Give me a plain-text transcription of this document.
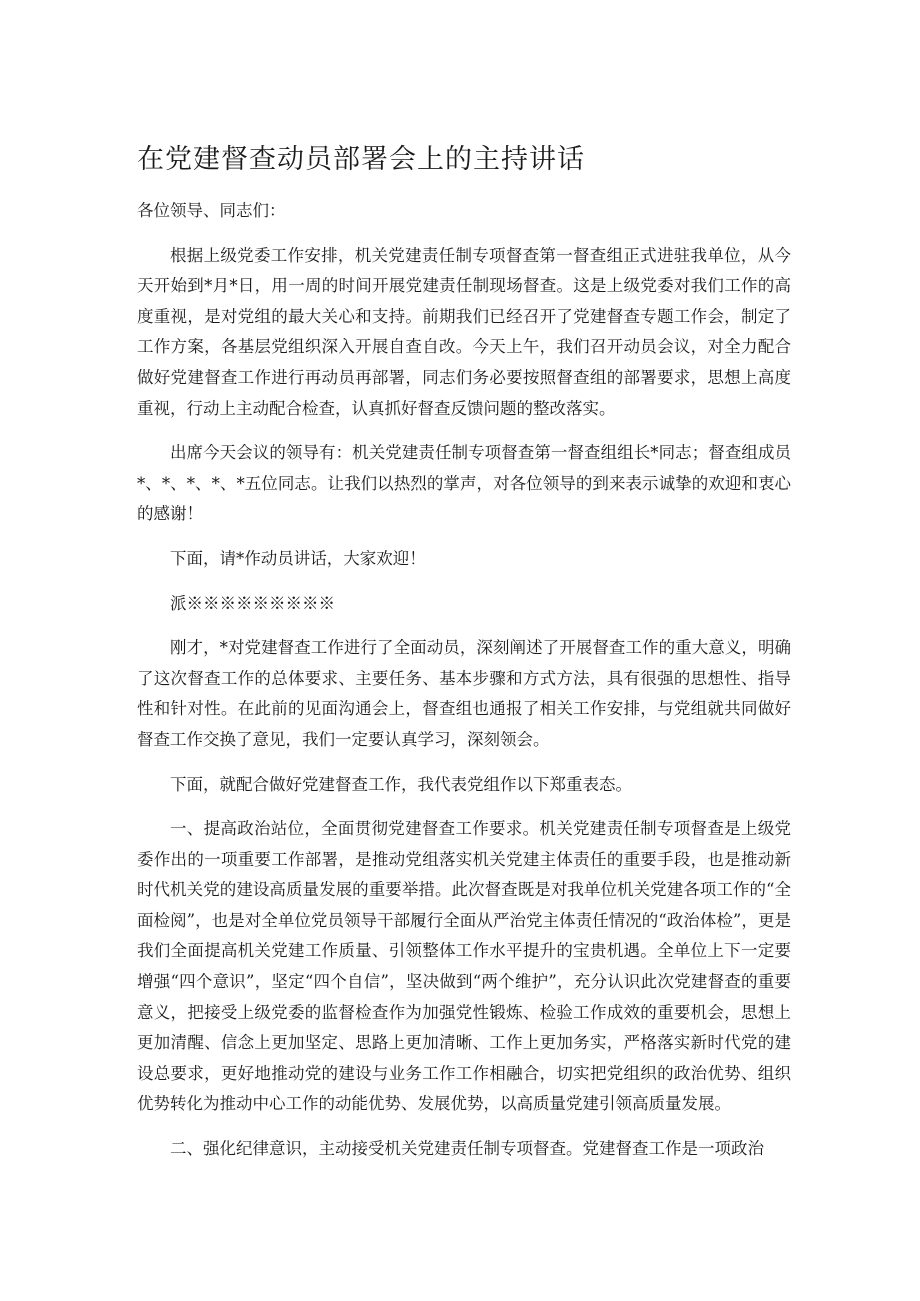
在党建督查动员部署会上的主持讲话

各位领导、同志们：

根据上级党委工作安排，机关党建责任制专项督查第一督查组正式进驻我单位，从今天开始到*月*日，用一周的时间开展党建责任制现场督查。这是上级党委对我们工作的高度重视，是对党组的最大关心和支持。前期我们已经召开了党建督查专题工作会，制定了工作方案，各基层党组织深入开展自查自改。今天上午，我们召开动员会议，对全力配合做好党建督查工作进行再动员再部署，同志们务必要按照督查组的部署要求，思想上高度重视，行动上主动配合检查，认真抓好督查反馈问题的整改落实。

出席今天会议的领导有：机关党建责任制专项督查第一督查组组长*同志；督查组成员*、*、*、*、*五位同志。让我们以热烈的掌声，对各位领导的到来表示诚挚的欢迎和衷心的感谢！

下面，请*作动员讲话，大家欢迎！

派※※※※※※※※※

刚才，*对党建督查工作进行了全面动员，深刻阐述了开展督查工作的重大意义，明确了这次督查工作的总体要求、主要任务、基本步骤和方式方法，具有很强的思想性、指导性和针对性。在此前的见面沟通会上，督查组也通报了相关工作安排，与党组就共同做好督查工作交换了意见，我们一定要认真学习，深刻领会。

下面，就配合做好党建督查工作，我代表党组作以下郑重表态。

一、提高政治站位，全面贯彻党建督查工作要求。机关党建责任制专项督查是上级党委作出的一项重要工作部署，是推动党组落实机关党建主体责任的重要手段，也是推动新时代机关党的建设高质量发展的重要举措。此次督查既是对我单位机关党建各项工作的“全面检阅”，也是对全单位党员领导干部履行全面从严治党主体责任情况的“政治体检”，更是我们全面提高机关党建工作质量、引领整体工作水平提升的宝贵机遇。全单位上下一定要增强“四个意识”，坚定“四个自信”，坚决做到“两个维护”，充分认识此次党建督查的重要意义，把接受上级党委的监督检查作为加强党性锻炼、检验工作成效的重要机会，思想上更加清醒、信念上更加坚定、思路上更加清晰、工作上更加务实，严格落实新时代党的建设总要求，更好地推动党的建设与业务工作工作相融合，切实把党组织的政治优势、组织优势转化为推动中心工作的动能优势、发展优势，以高质量党建引领高质量发展。

二、强化纪律意识，主动接受机关党建责任制专项督查。党建督查工作是一项政治
